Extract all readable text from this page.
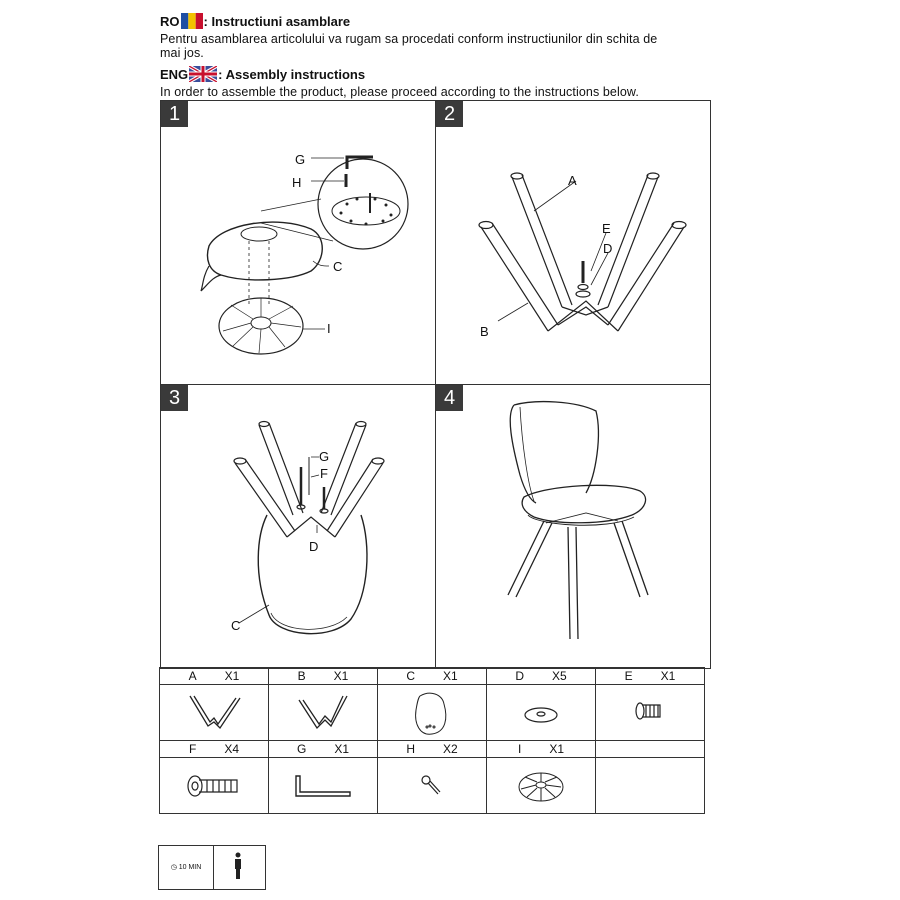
RO : Instructiuni asamblare
Pentru asamblarea articolului va rugam sa procedati conform instructiunilor din schita de
mai jos.
ENG : Assembly instructions
In order to assemble the product, please proceed according to the instructions below.
G
H
C
I
1
A
E
D
B
2
G
F
D
C
3	4
A X1	B X1	C X1	D X5	E X1

F X4	G X1	H X2	I X1	

◷ 10 MIN
